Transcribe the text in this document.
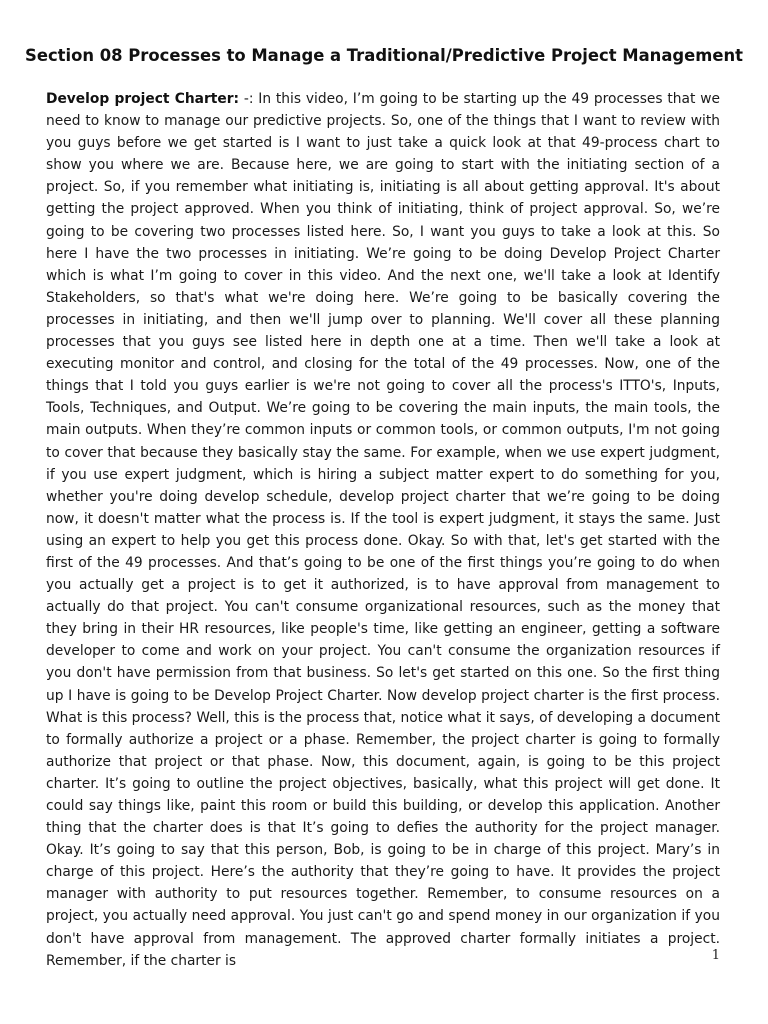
Section 08 Processes to Manage a Traditional/Predictive Project Management

Develop project Charter: -: In this video, I’m going to be starting up the 49 processes that we need to know to manage our predictive projects. So, one of the things that I want to review with you guys before we get started is I want to just take a quick look at that 49-process chart to show you where we are. Because here, we are going to start with the initiating section of a project. So, if you remember what initiating is, initiating is all about getting approval. It's about getting the project approved. When you think of initiating, think of project approval. So, we’re going to be covering two processes listed here. So, I want you guys to take a look at this. So here I have the two processes in initiating. We’re going to be doing Develop Project Charter which is what I’m going to cover in this video. And the next one, we'll take a look at Identify Stakeholders, so that's what we're doing here. We’re going to be basically covering the processes in initiating, and then we'll jump over to planning. We'll cover all these planning processes that you guys see listed here in depth one at a time. Then we'll take a look at executing monitor and control, and closing for the total of the 49 processes. Now, one of the things that I told you guys earlier is we're not going to cover all the process's ITTO's, Inputs, Tools, Techniques, and Output. We’re going to be covering the main inputs, the main tools, the main outputs. When they’re common inputs or common tools, or common outputs, I'm not going to cover that because they basically stay the same. For example, when we use expert judgment, if you use expert judgment, which is hiring a subject matter expert to do something for you, whether you're doing develop schedule, develop project charter that we’re going to be doing now, it doesn't matter what the process is. If the tool is expert judgment, it stays the same. Just using an expert to help you get this process done. Okay. So with that, let's get started with the first of the 49 processes. And that’s going to be one of the first things you’re going to do when you actually get a project is to get it authorized, is to have approval from management to actually do that project. You can't consume organizational resources, such as the money that they bring in their HR resources, like people's time, like getting an engineer, getting a software developer to come and work on your project. You can't consume the organization resources if you don't have permission from that business. So let's get started on this one. So the first thing up I have is going to be Develop Project Charter. Now develop project charter is the first process. What is this process? Well, this is the process that, notice what it says, of developing a document to formally authorize a project or a phase. Remember, the project charter is going to formally authorize that project or that phase. Now, this document, again, is going to be this project charter. It’s going to outline the project objectives, basically, what this project will get done. It could say things like, paint this room or build this building, or develop this application. Another thing that the charter does is that It’s going to defies the authority for the project manager. Okay. It’s going to say that this person, Bob, is going to be in charge of this project. Mary’s in charge of this project. Here’s the authority that they’re going to have. It provides the project manager with authority to put resources together. Remember, to consume resources on a project, you actually need approval. You just can't go and spend money in our organization if you don't have approval from management. The approved charter formally initiates a project. Remember, if the charter is	1
